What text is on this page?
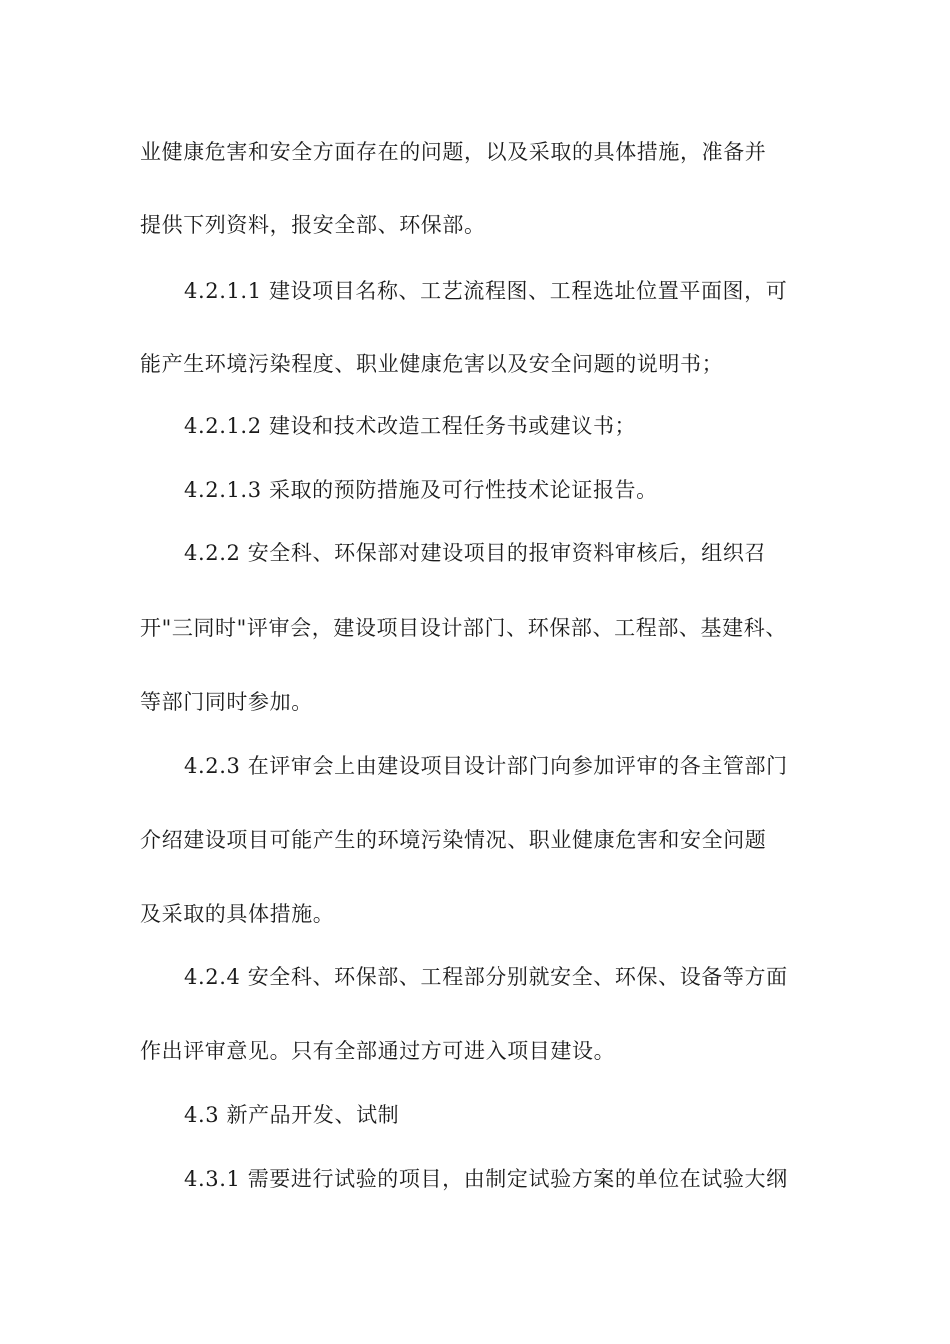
业健康危害和安全方面存在的问题，以及采取的具体措施，准备并
提供下列资料，报安全部、环保部。
4.2.1.1 建设项目名称、工艺流程图、工程选址位置平面图，可
能产生环境污染程度、职业健康危害以及安全问题的说明书；
4.2.1.2 建设和技术改造工程任务书或建议书；
4.2.1.3 采取的预防措施及可行性技术论证报告。
4.2.2 安全科、环保部对建设项目的报审资料审核后，组织召
开"三同时"评审会，建设项目设计部门、环保部、工程部、基建科、
等部门同时参加。
4.2.3 在评审会上由建设项目设计部门向参加评审的各主管部门
介绍建设项目可能产生的环境污染情况、职业健康危害和安全问题
及采取的具体措施。
4.2.4 安全科、环保部、工程部分别就安全、环保、设备等方面
作出评审意见。只有全部通过方可进入项目建设。
4.3 新产品开发、试制
4.3.1 需要进行试验的项目，由制定试验方案的单位在试验大纲
